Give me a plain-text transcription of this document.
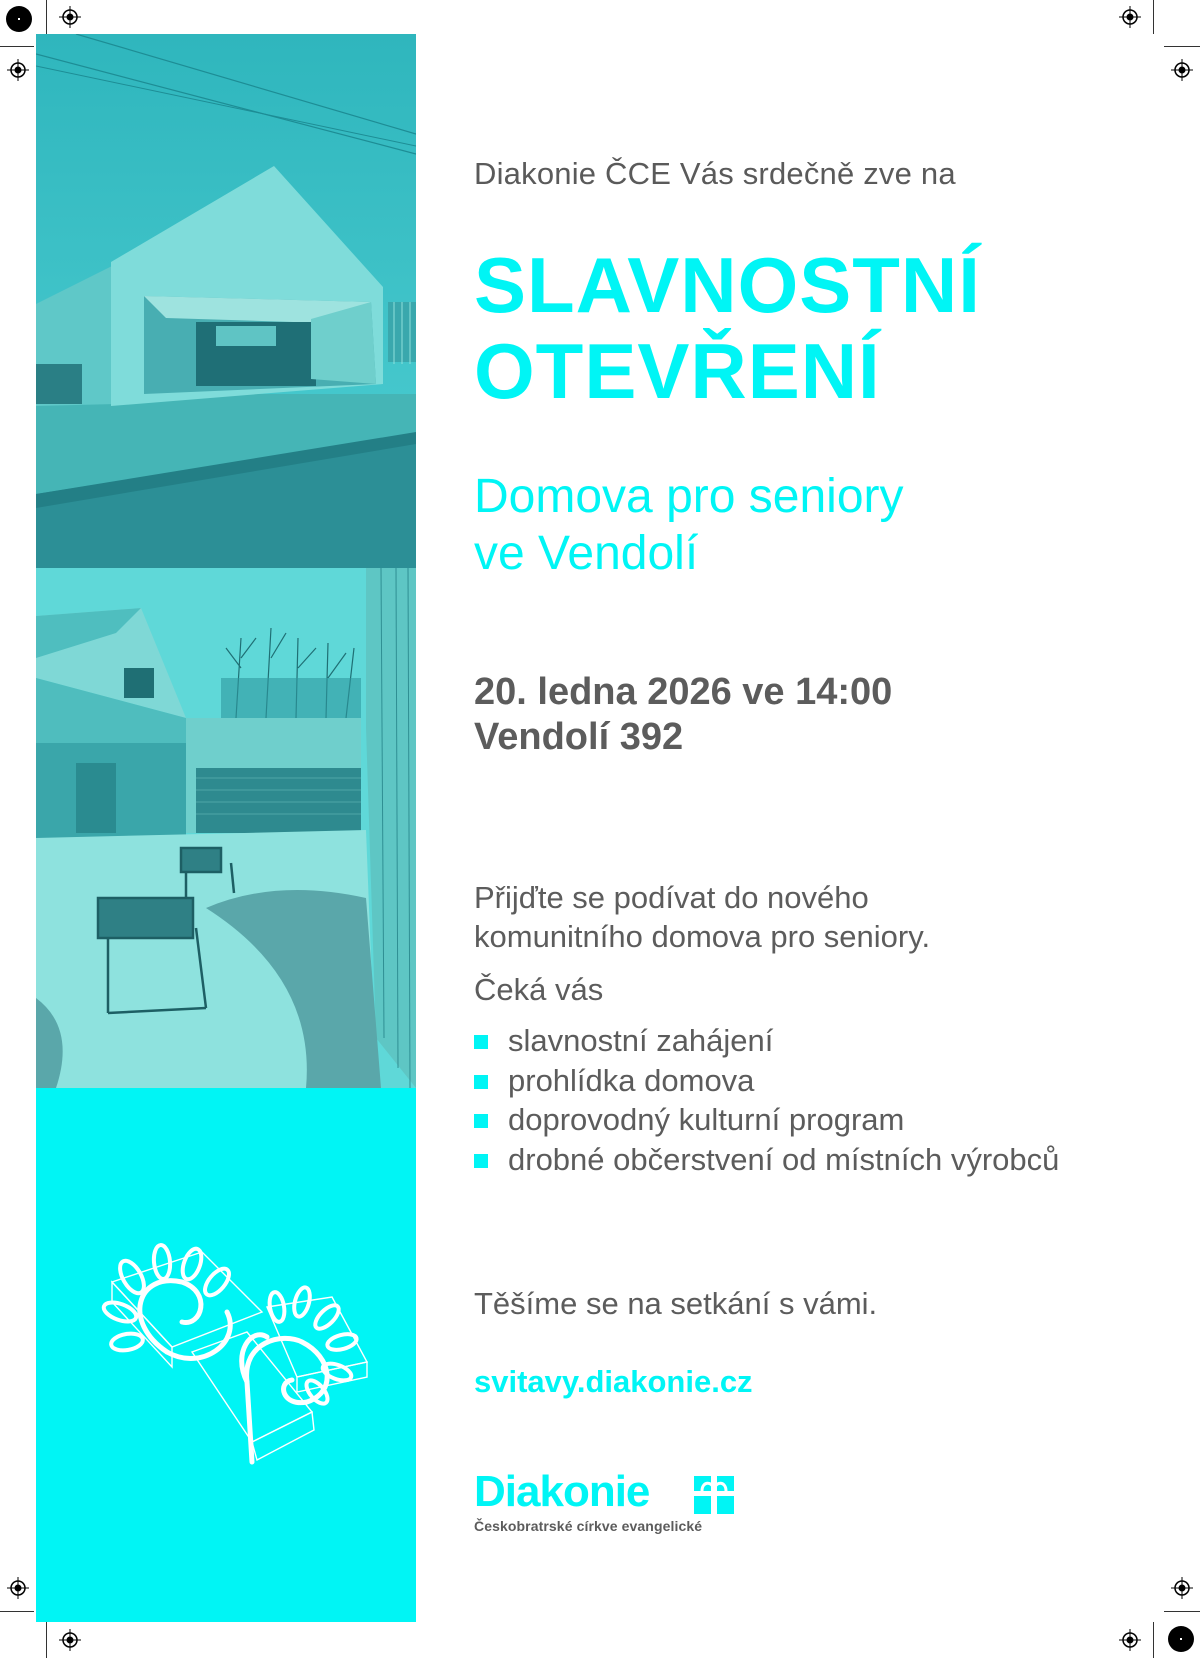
Diakonie ČCE Vás srdečně zve na
SLAVNOSTNÍ
OTEVŘENÍ
Domova pro seniory
ve Vendolí
20. ledna 2026 ve 14:00
Vendolí 392
Přijďte se podívat do nového
komunitního domova pro seniory.
Čeká vás
slavnostní zahájení
prohlídka domova
doprovodný kulturní program
drobné občerstvení od místních výrobců
Těšíme se na setkání s vámi.
svitavy.diakonie.cz
Diakonie
Českobratrské církve evangelické
